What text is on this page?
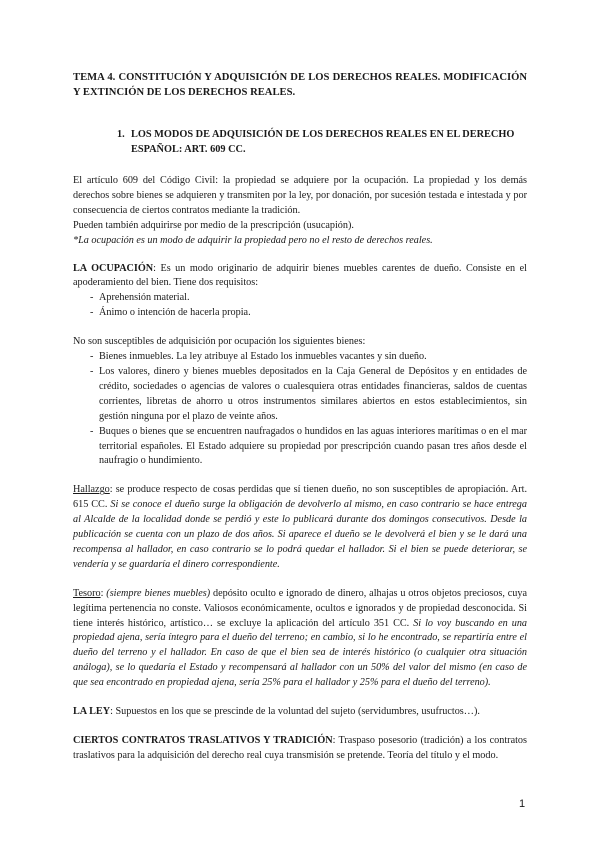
TEMA 4. CONSTITUCIÓN Y ADQUISICIÓN DE LOS DERECHOS REALES. MODIFICACIÓN Y EXTINCIÓN DE LOS DERECHOS REALES.

1. LOS MODOS DE ADQUISICIÓN DE LOS DERECHOS REALES EN EL DERECHO ESPAÑOL: ART. 609 CC.

El artículo 609 del Código Civil: la propiedad se adquiere por la ocupación. La propiedad y los demás derechos sobre bienes se adquieren y transmiten por la ley, por donación, por sucesión testada e intestada y por consecuencia de ciertos contratos mediante la tradición.

Pueden también adquirirse por medio de la prescripción (usucapión).

*La ocupación es un modo de adquirir la propiedad pero no el resto de derechos reales.

LA OCUPACIÓN: Es un modo originario de adquirir bienes muebles carentes de dueño. Consiste en el apoderamiento del bien. Tiene dos requisitos:

- Aprehensión material.
- Ánimo o intención de hacerla propia.

No son susceptibles de adquisición por ocupación los siguientes bienes:

- Bienes inmuebles. La ley atribuye al Estado los inmuebles vacantes y sin dueño.
- Los valores, dinero y bienes muebles depositados en la Caja General de Depósitos y en entidades de crédito, sociedades o agencias de valores o cualesquiera otras entidades financieras, saldos de cuentas corrientes, libretas de ahorro u otros instrumentos similares abiertos en estos establecimientos, sin gestión ninguna por el plazo de veinte años.
- Buques o bienes que se encuentren naufragados o hundidos en las aguas interiores marítimas o en el mar territorial españoles. El Estado adquiere su propiedad por prescripción cuando pasan tres años desde el naufragio o hundimiento.

Hallazgo: se produce respecto de cosas perdidas que sí tienen dueño, no son susceptibles de apropiación. Art. 615 CC. Si se conoce el dueño surge la obligación de devolverlo al mismo, en caso contrario se hace entrega al Alcalde de la localidad donde se perdió y este lo publicará durante dos domingos consecutivos. Desde la publicación se cuenta con un plazo de dos años. Si aparece el dueño se le devolverá el bien y se le dará una recompensa al hallador, en caso contrario se lo podrá quedar el hallador. Si el bien se puede deteriorar, se vendería y se guardaría el dinero correspondiente.

Tesoro: (siempre bienes muebles) depósito oculto e ignorado de dinero, alhajas u otros objetos preciosos, cuya legítima pertenencia no conste. Valiosos económicamente, ocultos e ignorados y de propiedad desconocida. Si tiene interés histórico, artístico… se excluye la aplicación del artículo 351 CC. Si lo voy buscando en una propiedad ajena, sería íntegro para el dueño del terreno; en cambio, si lo he encontrado, se repartiría entre el dueño del terreno y el hallador. En caso de que el bien sea de interés histórico (o cualquier otra situación análoga), se lo quedaría el Estado y recompensará al hallador con un 50% del valor del mismo (en caso de que sea encontrado en propiedad ajena, sería 25% para el hallador y 25% para el dueño del terreno).

LA LEY: Supuestos en los que se prescinde de la voluntad del sujeto (servidumbres, usufructos…).

CIERTOS CONTRATOS TRASLATIVOS Y TRADICIÓN: Traspaso posesorio (tradición) a los contratos traslativos para la adquisición del derecho real cuya transmisión se pretende. Teoría del título y el modo.

1
